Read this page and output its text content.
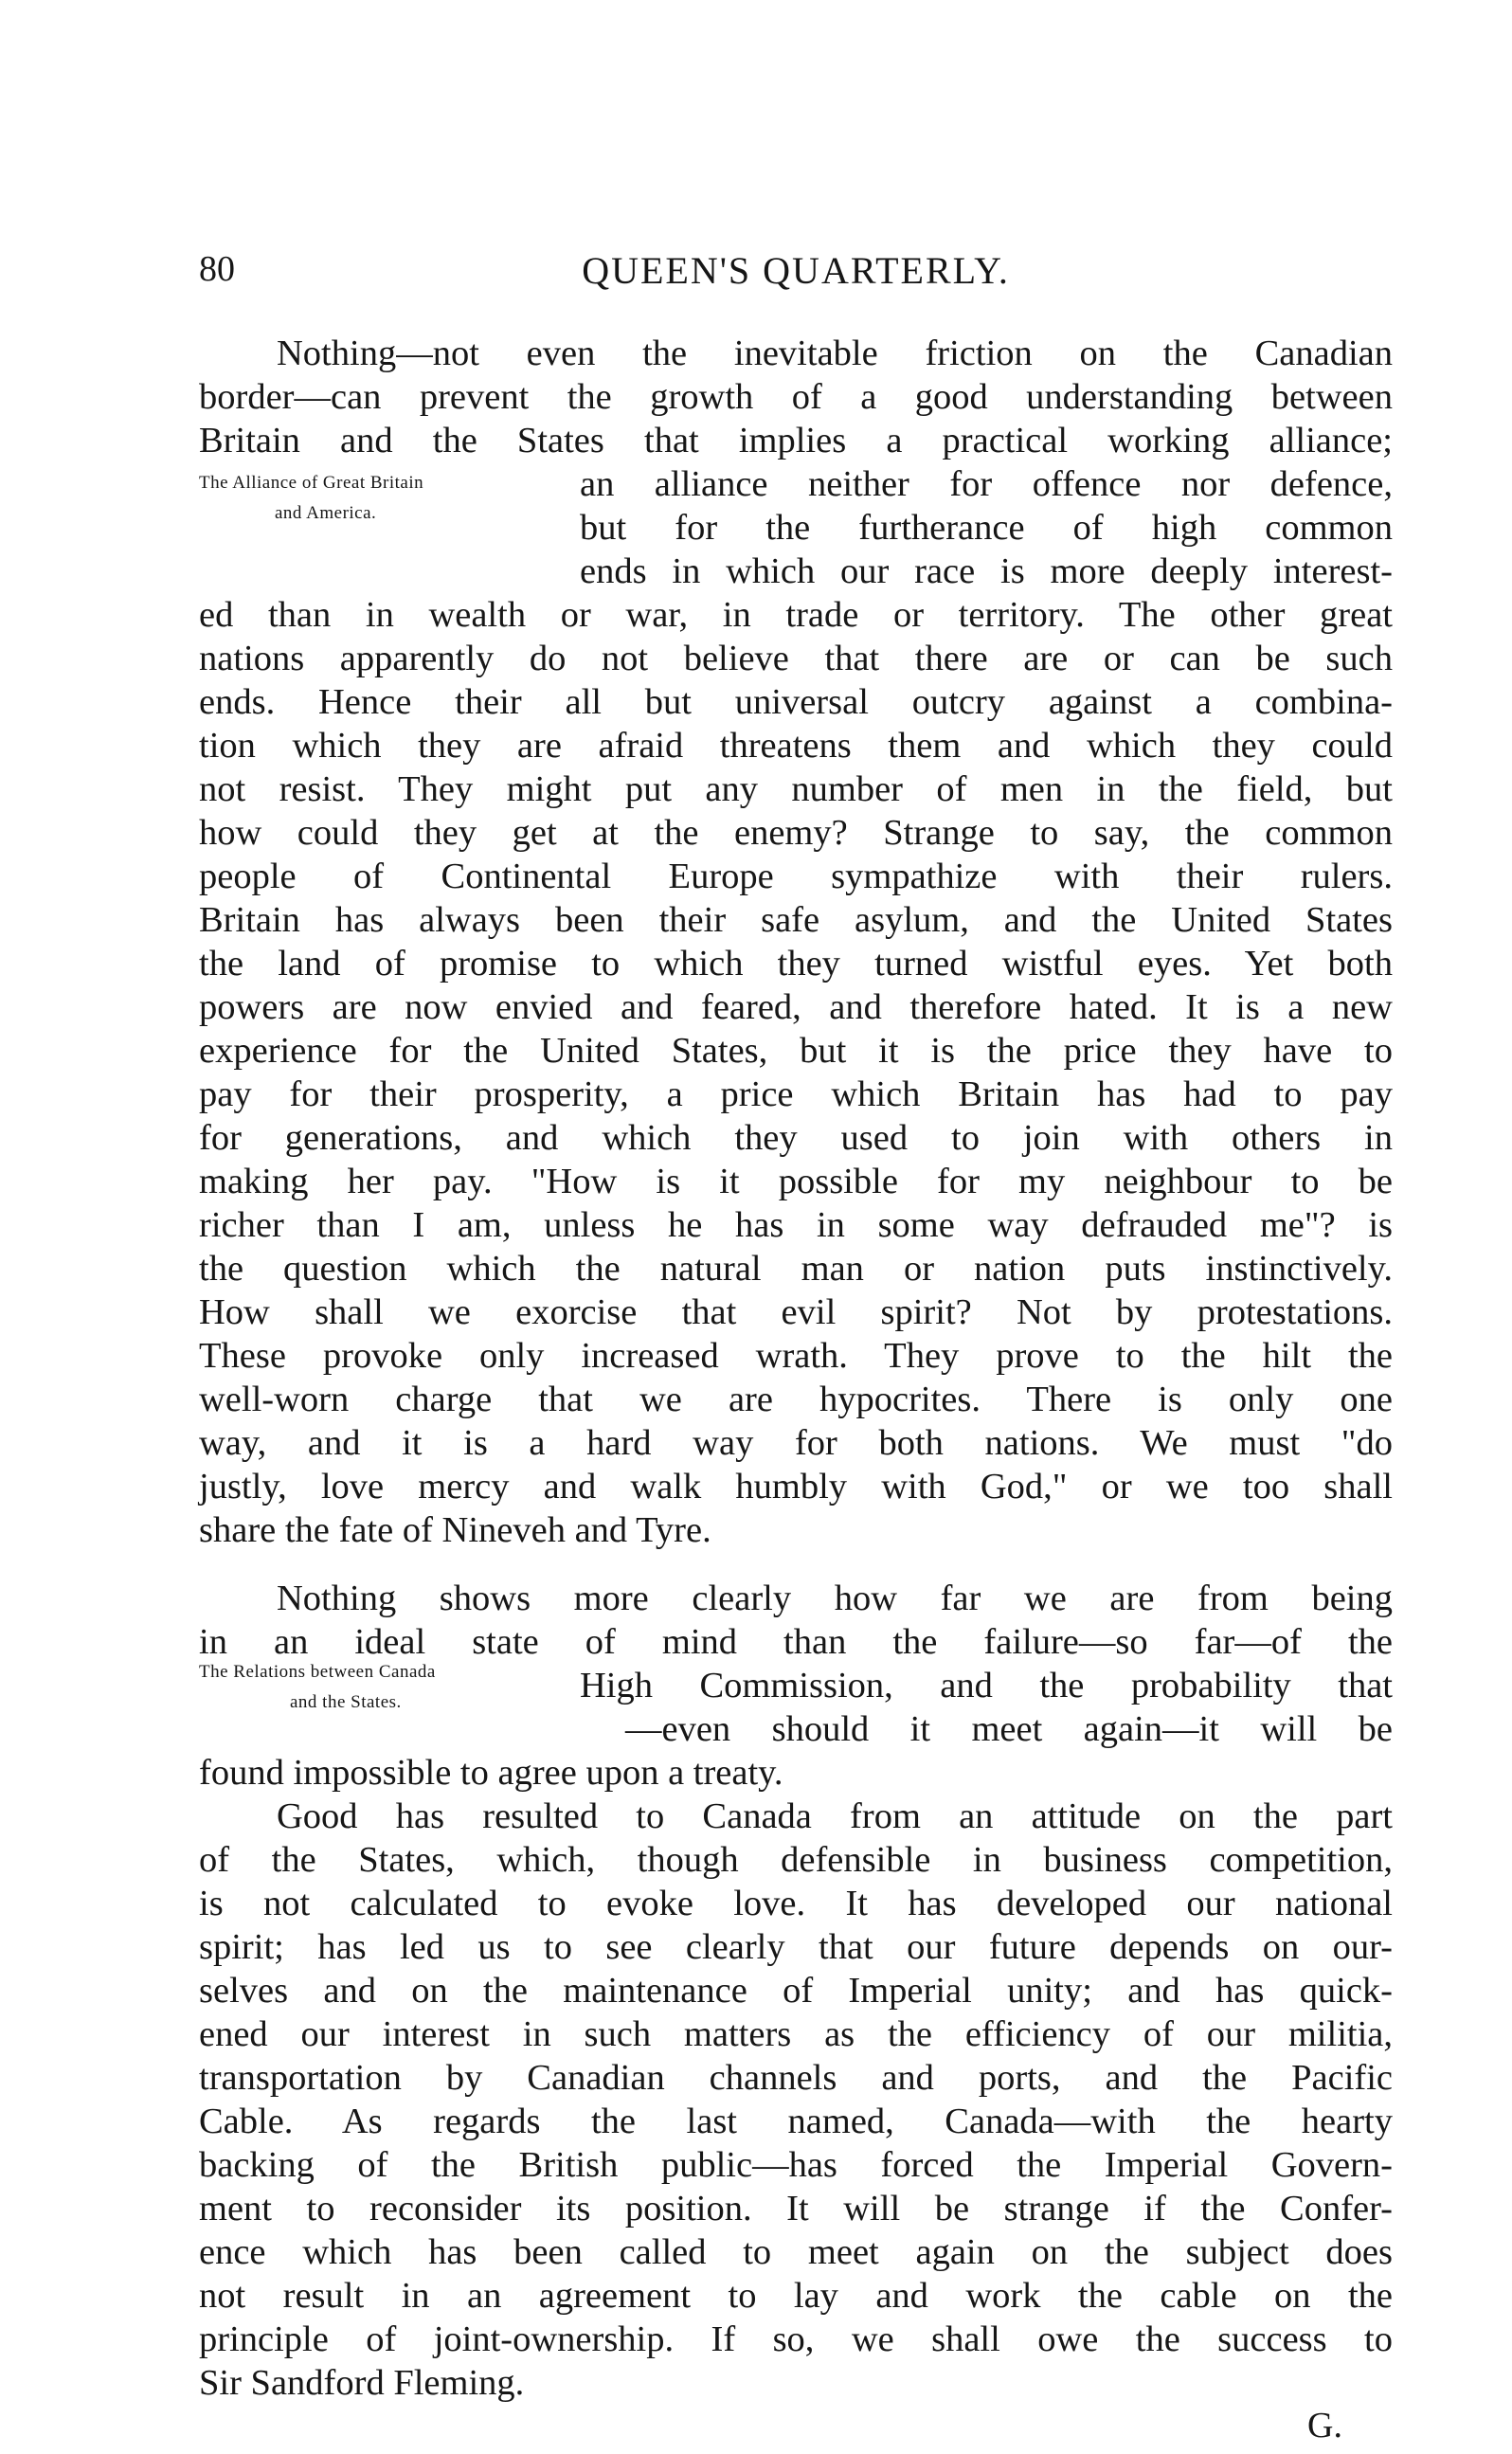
80	QUEEN'S QUARTERLY.
The Alliance of Great Britain
and America.
Nothing—not even the inevitable friction on the Canadian
border—can prevent the growth of a good understanding between
Britain and the States that implies a practical working alliance;
an alliance neither for offence nor defence,
but for the furtherance of high common
ends in which our race is more deeply interest-
ed than in wealth or war, in trade or territory. The other great
nations apparently do not believe that there are or can be such
ends. Hence their all but universal outcry against a combina-
tion which they are afraid threatens them and which they could
not resist. They might put any number of men in the field, but
how could they get at the enemy? Strange to say, the common
people of Continental Europe sympathize with their rulers.
Britain has always been their safe asylum, and the United States
the land of promise to which they turned wistful eyes. Yet both
powers are now envied and feared, and therefore hated. It is a new
experience for the United States, but it is the price they have to
pay for their prosperity, a price which Britain has had to pay
for generations, and which they used to join with others in
making her pay. "How is it possible for my neighbour to be
richer than I am, unless he has in some way defrauded me"? is
the question which the natural man or nation puts instinctively.
How shall we exorcise that evil spirit? Not by protestations.
These provoke only increased wrath. They prove to the hilt the
well-worn charge that we are hypocrites. There is only one
way, and it is a hard way for both nations. We must "do
justly, love mercy and walk humbly with God," or we too shall
share the fate of Nineveh and Tyre.
The Relations between Canada
and the States.
Nothing shows more clearly how far we are from being
in an ideal state of mind than the failure—so far—of the
High Commission, and the probability that
—even should it meet again—it will be
found impossible to agree upon a treaty.
Good has resulted to Canada from an attitude on the part
of the States, which, though defensible in business competition,
is not calculated to evoke love. It has developed our national
spirit; has led us to see clearly that our future depends on our-
selves and on the maintenance of Imperial unity; and has quick-
ened our interest in such matters as the efficiency of our militia,
transportation by Canadian channels and ports, and the Pacific
Cable. As regards the last named, Canada—with the hearty
backing of the British public—has forced the Imperial Govern-
ment to reconsider its position. It will be strange if the Confer-
ence which has been called to meet again on the subject does
not result in an agreement to lay and work the cable on the
principle of joint-ownership. If so, we shall owe the success to
Sir Sandford Fleming.
G.
